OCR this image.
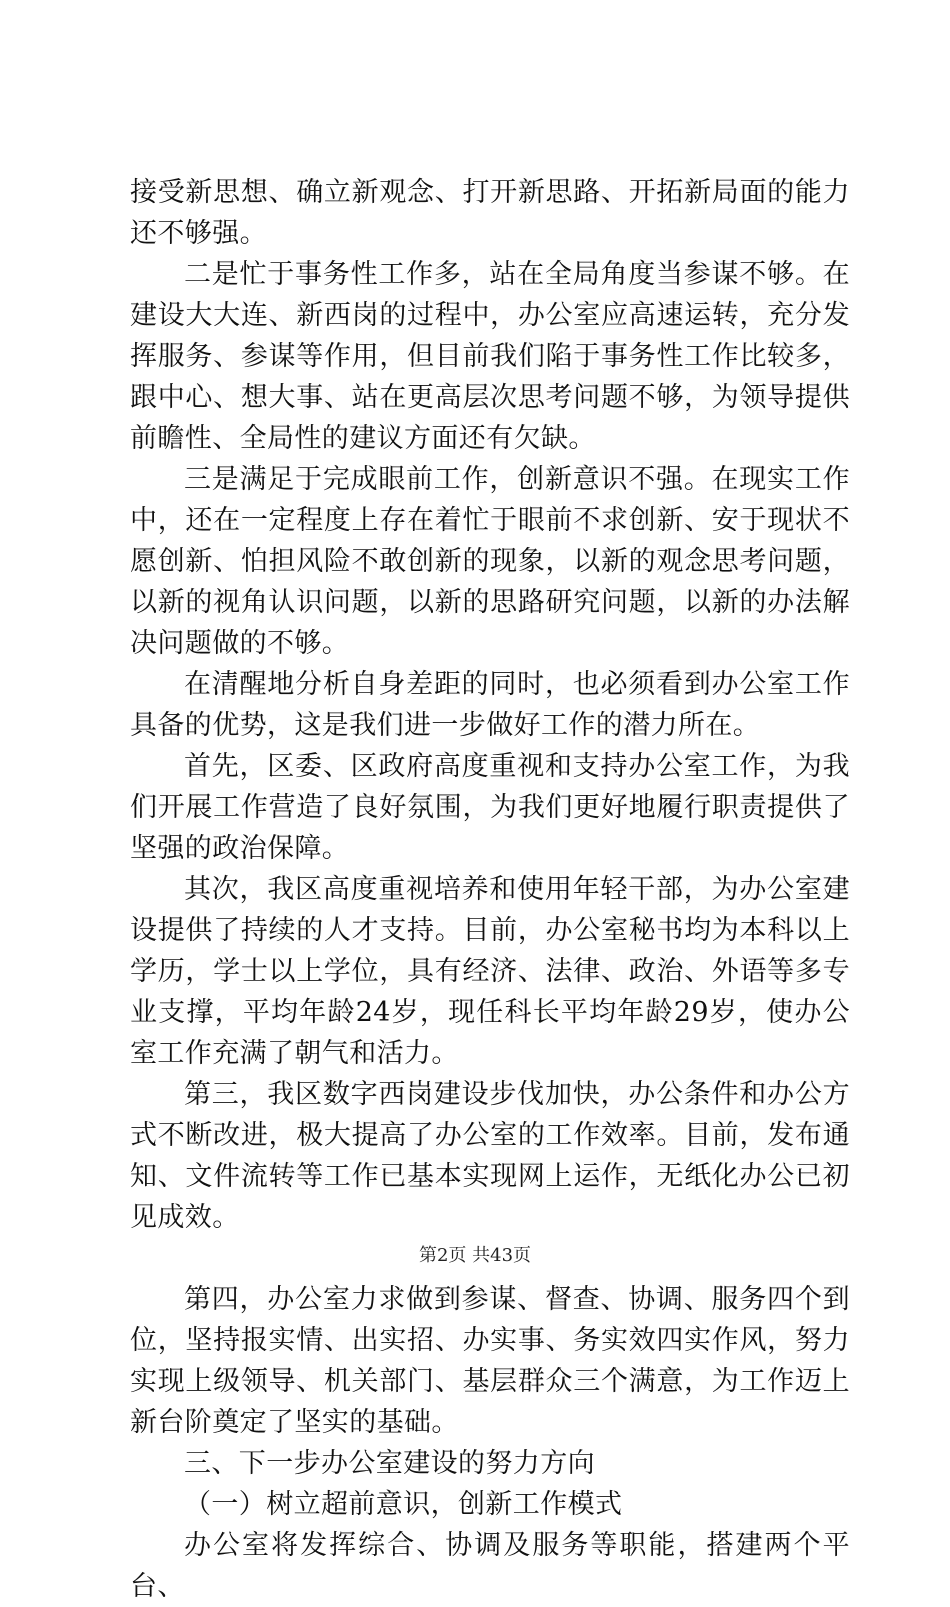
接受新思想、确立新观念、打开新思路、开拓新局面的能力还不够强。

二是忙于事务性工作多，站在全局角度当参谋不够。在建设大大连、新西岗的过程中，办公室应高速运转，充分发挥服务、参谋等作用，但目前我们陷于事务性工作比较多，跟中心、想大事、站在更高层次思考问题不够，为领导提供前瞻性、全局性的建议方面还有欠缺。

三是满足于完成眼前工作，创新意识不强。在现实工作中，还在一定程度上存在着忙于眼前不求创新、安于现状不愿创新、怕担风险不敢创新的现象，以新的观念思考问题，以新的视角认识问题，以新的思路研究问题，以新的办法解决问题做的不够。

在清醒地分析自身差距的同时，也必须看到办公室工作具备的优势，这是我们进一步做好工作的潜力所在。

首先，区委、区政府高度重视和支持办公室工作，为我们开展工作营造了良好氛围，为我们更好地履行职责提供了坚强的政治保障。

其次，我区高度重视培养和使用年轻干部，为办公室建设提供了持续的人才支持。目前，办公室秘书均为本科以上学历，学士以上学位，具有经济、法律、政治、外语等多专业支撑，平均年龄24岁，现任科长平均年龄29岁，使办公室工作充满了朝气和活力。

第三，我区数字西岗建设步伐加快，办公条件和办公方式不断改进，极大提高了办公室的工作效率。目前，发布通知、文件流转等工作已基本实现网上运作，无纸化办公已初见成效。

第四，办公室力求做到参谋、督查、协调、服务四个到位，坚持报实情、出实招、办实事、务实效四实作风，努力实现上级领导、机关部门、基层群众三个满意，为工作迈上新台阶奠定了坚实的基础。

三、下一步办公室建设的努力方向

（一）树立超前意识，创新工作模式

办公室将发挥综合、协调及服务等职能，搭建两个平台、

第2页 共43页
